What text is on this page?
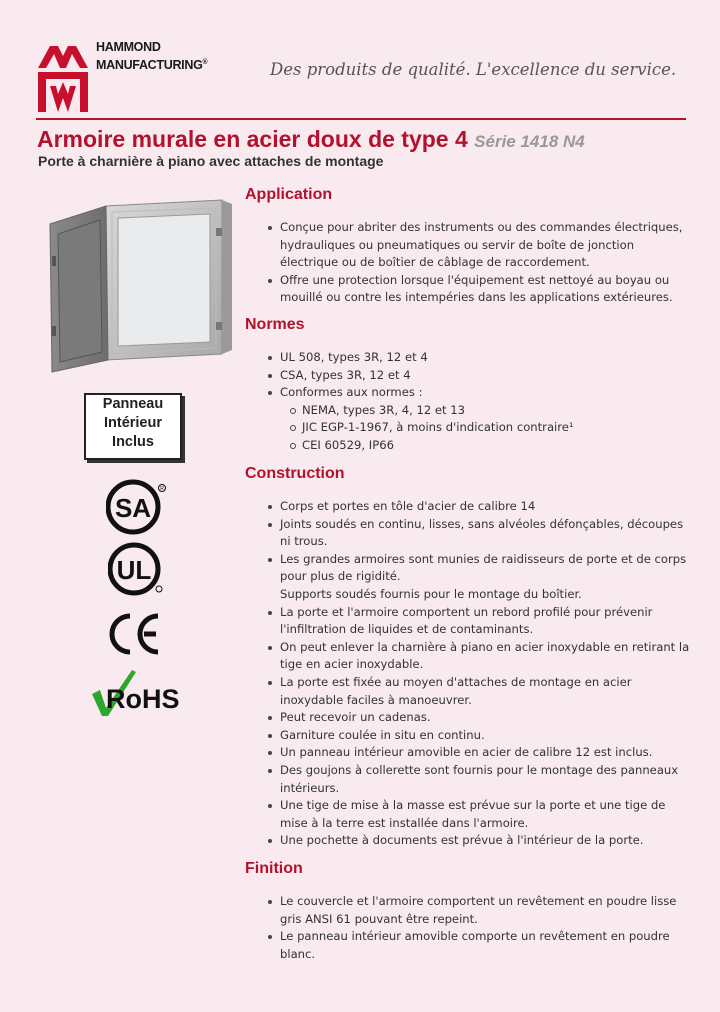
HAMMOND
MANUFACTURING®	Des produits de qualité. L'excellence du service.
Armoire murale en acier doux de type 4 Série 1418 N4
Porte à charnière à piano avec attaches de montage
Panneau
Intérieur
Inclus
SA
R
UL
RoHS
Application
Conçue pour abriter des instruments ou des commandes électriques, hydrauliques ou pneumatiques ou servir de boîte de jonction électrique ou de boîtier de câblage de raccordement.
Offre une protection lorsque l'équipement est nettoyé au boyau ou mouillé ou contre les intempéries dans les applications extérieures.
Normes
UL 508, types 3R, 12 et 4
CSA, types 3R, 12 et 4
Conformes aux normes :
NEMA, types 3R, 4, 12 et 13
JIC EGP-1-1967, à moins d'indication contraire¹
CEI 60529, IP66
Construction
Corps et portes en tôle d'acier de calibre 14
Joints soudés en continu, lisses, sans alvéoles défonçables, découpes ni trous.
Les grandes armoires sont munies de raidisseurs de porte et de corps pour plus de rigidité.
Supports soudés fournis pour le montage du boîtier.
La porte et l'armoire comportent un rebord profilé pour prévenir l'infiltration de liquides et de contaminants.
On peut enlever la charnière à piano en acier inoxydable en retirant la tige en acier inoxydable.
La porte est fixée au moyen d'attaches de montage en acier inoxydable faciles à manoeuvrer.
Peut recevoir un cadenas.
Garniture coulée in situ en continu.
Un panneau intérieur amovible en acier de calibre 12 est inclus.
Des goujons à collerette sont fournis pour le montage des panneaux intérieurs.
Une tige de mise à la masse est prévue sur la porte et une tige de mise à la terre est installée dans l'armoire.
Une pochette à documents est prévue à l'intérieur de la porte.
Finition
Le couvercle et l'armoire comportent un revêtement en poudre lisse gris ANSI 61 pouvant être repeint.
Le panneau intérieur amovible comporte un revêtement en poudre blanc.
